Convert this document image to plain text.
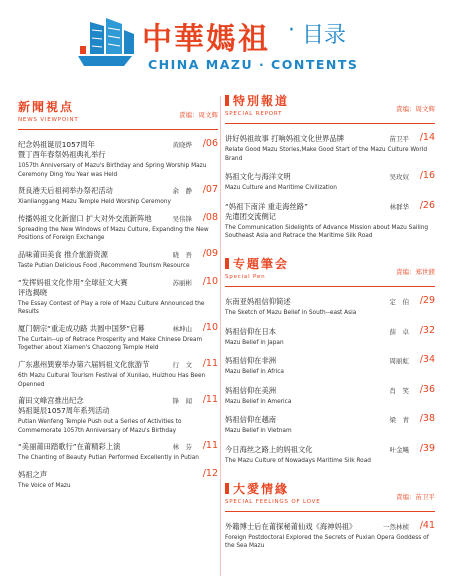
中華媽祖 · 目录
CHINA MAZU · CONTENTS
新聞視点
NEWS VIEWPOINT
責编：周文辉
纪念妈祖诞辰1057周年	黄晓烨 /06
暨丁酉年春祭妈祖典礼举行
1057th Anniversary of Mazu's Birthday and Spring Worship Mazu Ceremony Ding You Year was Held
贤良港天后祖祠举办祭祀活动	余　静 /07
Xianlianggang Mazu Temple Held Worship Ceremony
传播妈祖文化新窗口 扩大对外交流新阵地	吴伟锋 /08
Spreading the New Windows of Mazu Culture, Expanding the New Positions of Foreign Exchange
品味莆田美食 推介旅游资源	晓　吾 /09
Taste Putian Delicious Food ,Recommend Tourism Resource
“发挥妈祖文化作用”全球征文大赛	苏丽彬 /10
评选揭晓
The Essay Contest of Play a role of Mazu Culture Announced the Results
厦门朝宗“重走成功路 共圆中国梦”启幕	林坤山 /10
The Curtain--up of Retrace Prosperity and Make Chinese Dream Together about Xiamen's Chaozong Temple Held
广东惠州巽寮举办第六届妈祖文化旅游节	行　文 /11
6th Mazu Cultural Tourism Festival of Xunliao, Huizhou Has Been Openned
莆田文峰宫推出纪念	锋　闻 /11
妈祖诞辰1057周年系列活动
Putian Wenfeng Temple Push out a Series of Activities to Commemorate 1057th Anniversary of Mazu's Birthday
“美丽莆田踏歌行”在莆精彩上演	林　芬 /11
The Chanting of Beauty Putian Performed Excellently in Putian
妈祖之声	/12
The Voice of Mazu
特別報道
SPECIAL REPORT
責编：周文辉
讲好妈祖故事 打响妈祖文化世界品牌	苗卫平 /14
Relate Good Mazu Stories,Make Good Start of the Mazu Culture World Brand
妈祖文化与海洋文明	吴玫奴 /16
Mazu Culture and Maritime Civilization
“妈祖下南洋 重走海丝路”	林群华 /26
先遣团交流侧记
The Communication Sidelights of Advance Mission about Mazu Sailing Southeast Asia and Retrace the Maritime Silk Road
专題筆会
Special Pen
責编：郑世鎂
东南亚妈祖信仰简述	定　伯 /29
The Sketch of Mazu Belief in South--east Asia
妈祖信仰在日本	薛　卓 /32
Mazu Belief in Japan
妈祖信仰在非洲	周丽虹 /34
Mazu Belief in Africa
妈祖信仰在美洲	肖　笑 /36
Mazu Belief in America
妈祖信仰在越南	梁　青 /38
Mazu Belief in Vietnam
今日海丝之路上的妈祖文化	叶金飚 /39
The Mazu Culture of Nowadays Maritime Silk Road
大愛情緣
SPECIAL FEELINGS OF LOVE
責编：苗卫平
外籍博士后在莆探秘莆仙戏《海神妈祖》	一然林桢 /41
Foreign Postdoctoral Explored the Secrets of Puxian Opera Goddess of the Sea Mazu
